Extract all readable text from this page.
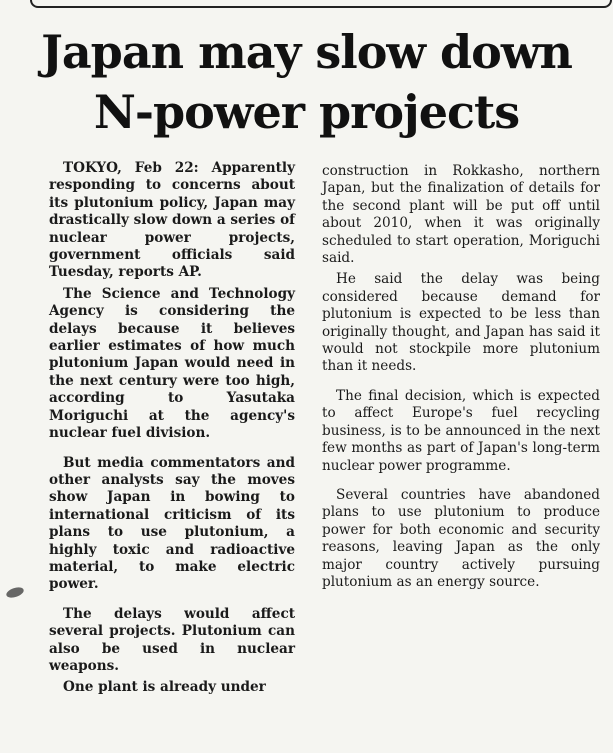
Japan may slow down
N-power projects

TOKYO, Feb 22: Apparently responding to concerns about its plutonium policy, Japan may drastically slow down a series of nuclear power projects, government officials said Tuesday, reports AP.

The Science and Technology Agency is considering the delays because it believes earlier estimates of how much plutonium Japan would need in the next century were too high, according to Yasutaka Moriguchi at the agency's nuclear fuel division.

But media commentators and other analysts say the moves show Japan in bowing to international criticism of its plans to use plutonium, a highly toxic and radioactive material, to make electric power.

The delays would affect several projects. Plutonium can also be used in nuclear weapons.

One plant is already under

construction in Rokkasho, northern Japan, but the finalization of details for the second plant will be put off until about 2010, when it was originally scheduled to start operation, Moriguchi said.

He said the delay was being considered because demand for plutonium is expected to be less than originally thought, and Japan has said it would not stockpile more plutonium than it needs.

The final decision, which is expected to affect Europe's fuel recycling business, is to be announced in the next few months as part of Japan's long-term nuclear power programme.

Several countries have abandoned plans to use plutonium to produce power for both economic and security reasons, leaving Japan as the only major country actively pursuing plutonium as an energy source.
